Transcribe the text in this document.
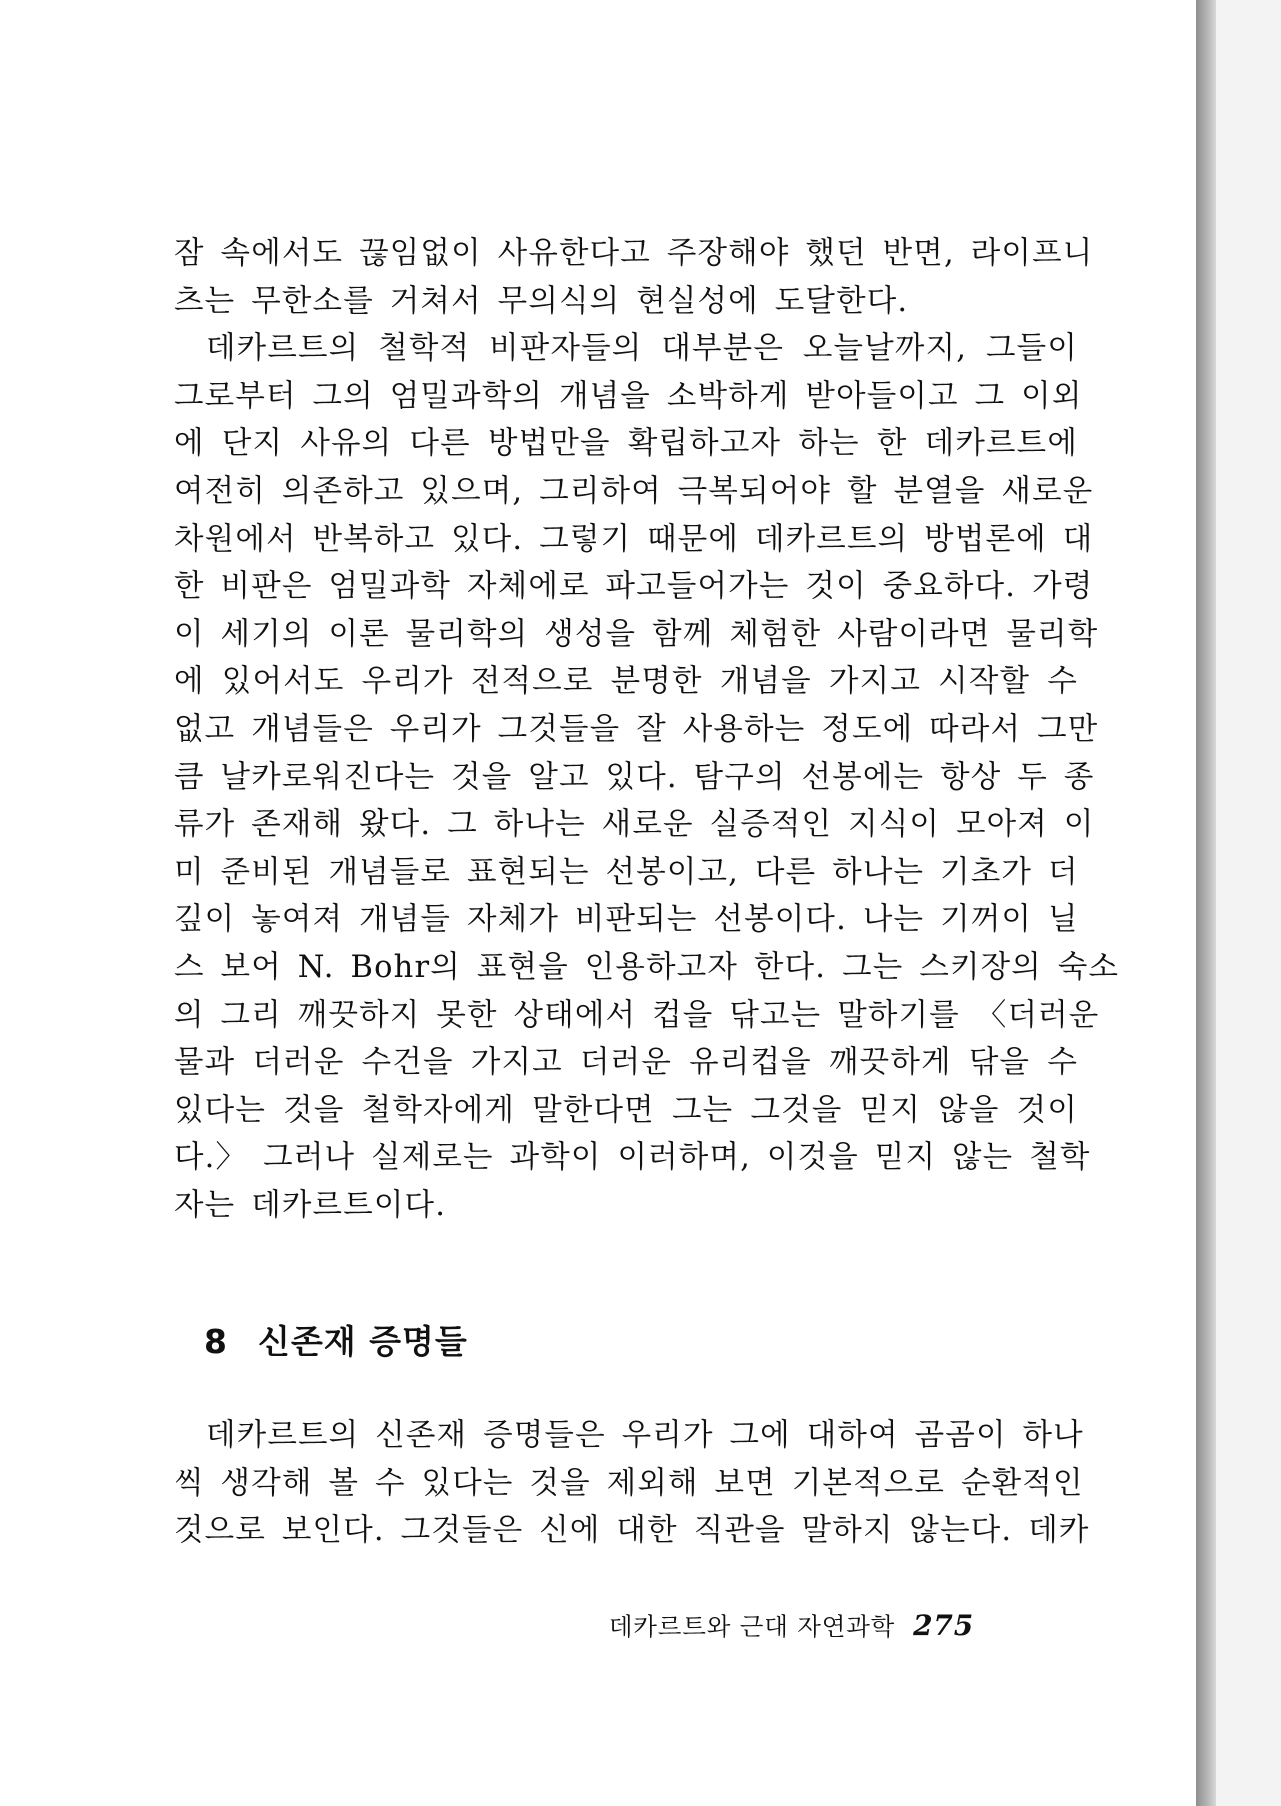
잠 속에서도 끊임없이 사유한다고 주장해야 했던 반면, 라이프니
츠는 무한소를 거쳐서 무의식의 현실성에 도달한다.
데카르트의 철학적 비판자들의 대부분은 오늘날까지, 그들이
그로부터 그의 엄밀과학의 개념을 소박하게 받아들이고 그 이외
에 단지 사유의 다른 방법만을 확립하고자 하는 한 데카르트에
여전히 의존하고 있으며, 그리하여 극복되어야 할 분열을 새로운
차원에서 반복하고 있다. 그렇기 때문에 데카르트의 방법론에 대
한 비판은 엄밀과학 자체에로 파고들어가는 것이 중요하다. 가령
이 세기의 이론 물리학의 생성을 함께 체험한 사람이라면 물리학
에 있어서도 우리가 전적으로 분명한 개념을 가지고 시작할 수
없고 개념들은 우리가 그것들을 잘 사용하는 정도에 따라서 그만
큼 날카로워진다는 것을 알고 있다. 탐구의 선봉에는 항상 두 종
류가 존재해 왔다. 그 하나는 새로운 실증적인 지식이 모아져 이
미 준비된 개념들로 표현되는 선봉이고, 다른 하나는 기초가 더
깊이 놓여져 개념들 자체가 비판되는 선봉이다. 나는 기꺼이 닐
스 보어 N. Bohr의 표현을 인용하고자 한다. 그는 스키장의 숙소
의 그리 깨끗하지 못한 상태에서 컵을 닦고는 말하기를 〈더러운
물과 더러운 수건을 가지고 더러운 유리컵을 깨끗하게 닦을 수
있다는 것을 철학자에게 말한다면 그는 그것을 믿지 않을 것이
다.〉 그러나 실제로는 과학이 이러하며, 이것을 믿지 않는 철학
자는 데카르트이다.
8 신존재 증명들
데카르트의 신존재 증명들은 우리가 그에 대하여 곰곰이 하나
씩 생각해 볼 수 있다는 것을 제외해 보면 기본적으로 순환적인
것으로 보인다. 그것들은 신에 대한 직관을 말하지 않는다. 데카
데카르트와 근대 자연과학 275
